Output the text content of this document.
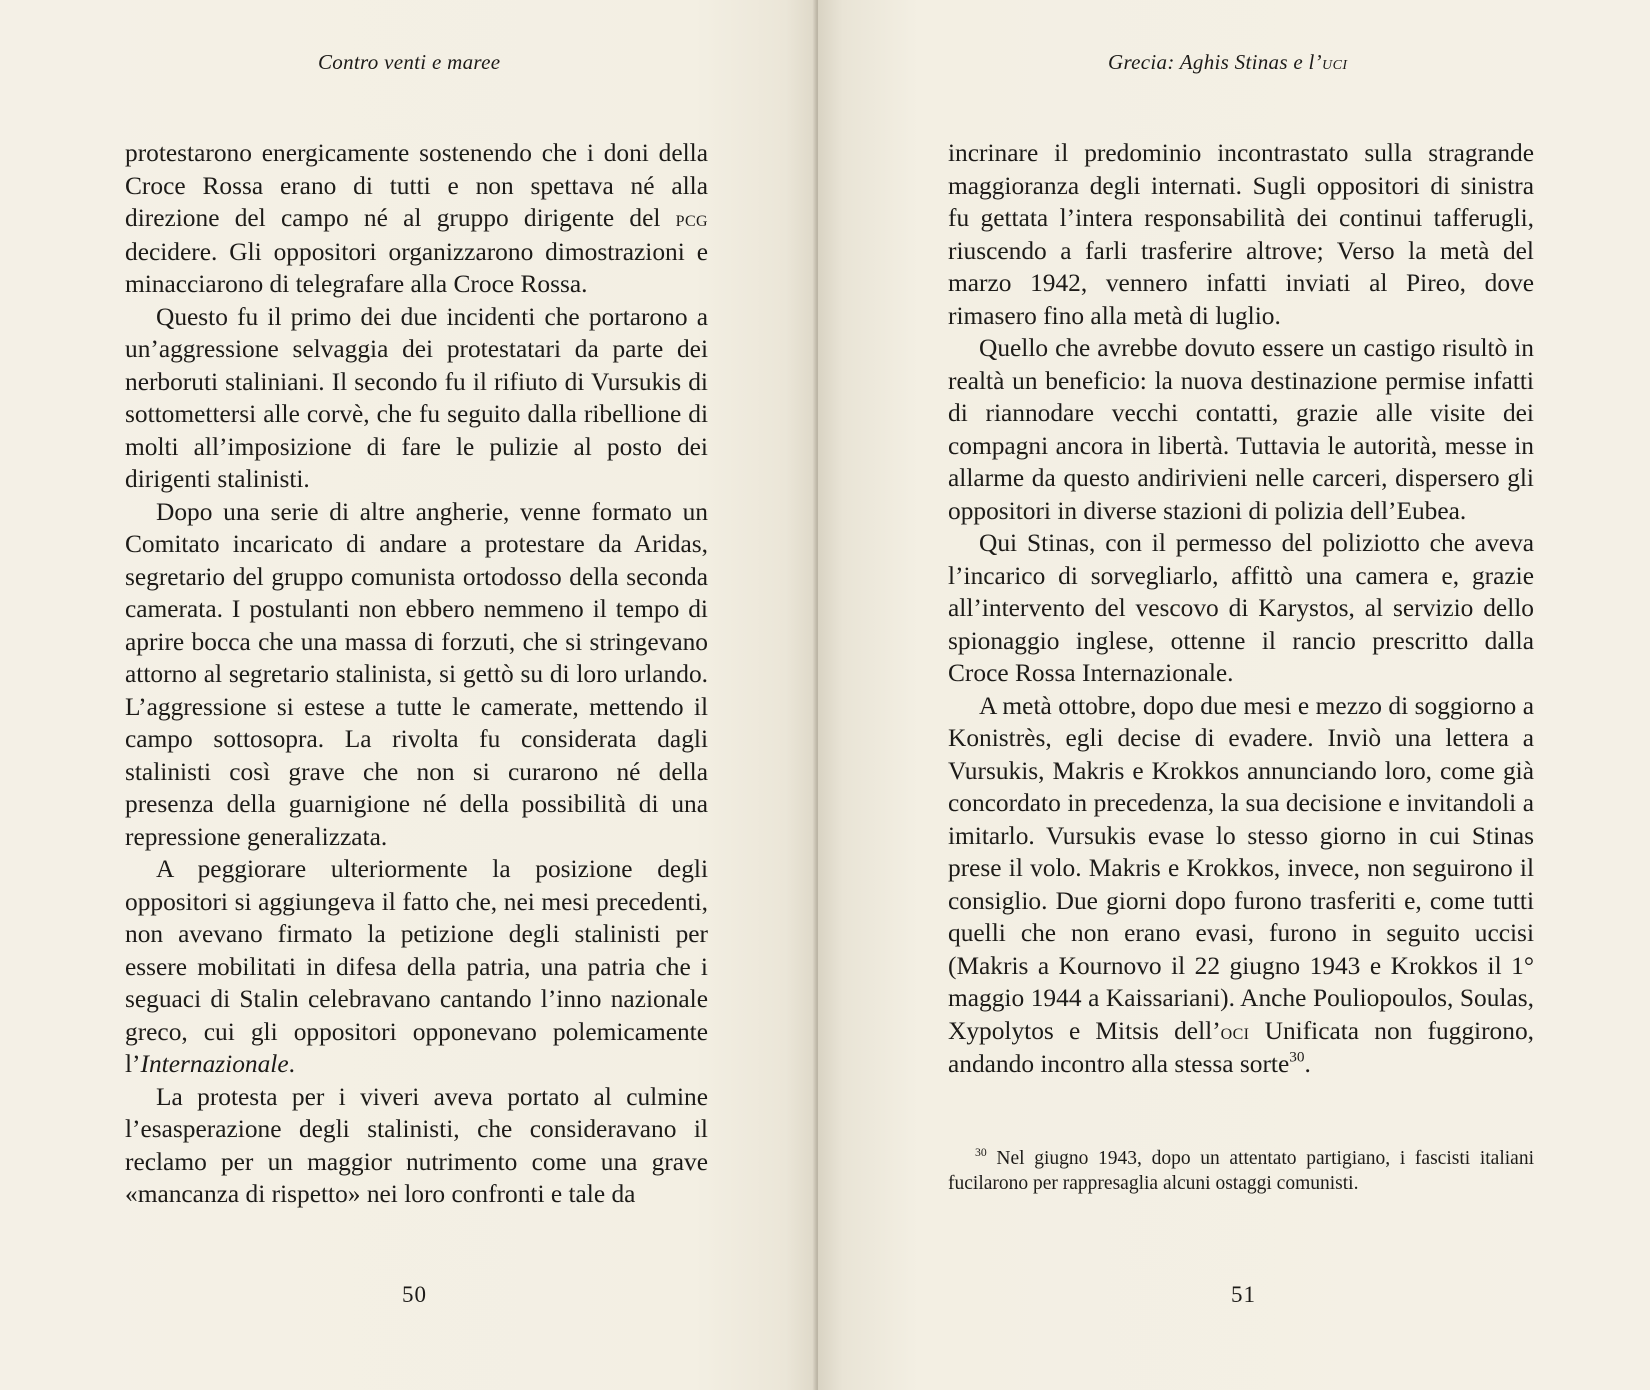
Contro venti e maree

protestarono energicamente sostenendo che i doni della Croce Rossa erano di tutti e non spettava né alla direzione del campo né al gruppo dirigente del pcg decidere. Gli oppositori organizzarono dimostrazioni e minacciarono di telegrafare alla Croce Rossa.

Questo fu il primo dei due incidenti che portarono a un’aggressione selvaggia dei protestatari da parte dei nerboruti staliniani. Il secondo fu il rifiuto di Vursukis di sottomettersi alle corvè, che fu seguito dalla ribellione di molti all’imposizione di fare le pulizie al posto dei dirigenti stalinisti.

Dopo una serie di altre angherie, venne formato un Comitato incaricato di andare a protestare da Aridas, segretario del gruppo comunista ortodosso della seconda camerata. I postulanti non ebbero nemmeno il tempo di aprire bocca che una massa di forzuti, che si stringevano attorno al segretario stalinista, si gettò su di loro urlando. L’aggressione si estese a tutte le camerate, mettendo il campo sottosopra. La rivolta fu considerata dagli stalinisti così grave che non si curarono né della presenza della guarnigione né della possibilità di una repressione generalizzata.

A peggiorare ulteriormente la posizione degli oppositori si aggiungeva il fatto che, nei mesi precedenti, non avevano firmato la petizione degli stalinisti per essere mobilitati in difesa della patria, una patria che i seguaci di Stalin celebravano cantando l’inno nazionale greco, cui gli oppositori opponevano polemicamente l’Internazionale.

La protesta per i viveri aveva portato al culmine l’esasperazione degli stalinisti, che consideravano il reclamo per un maggior nutrimento come una grave «mancanza di rispetto» nei loro confronti e tale da

50
Grecia: Aghis Stinas e l’uci

incrinare il predominio incontrastato sulla stragrande maggioranza degli internati. Sugli oppositori di sinistra fu gettata l’intera responsabilità dei continui tafferugli, riuscendo a farli trasferire altrove; Verso la metà del marzo 1942, vennero infatti inviati al Pireo, dove rimasero fino alla metà di luglio.

Quello che avrebbe dovuto essere un castigo risultò in realtà un beneficio: la nuova destinazione permise infatti di riannodare vecchi contatti, grazie alle visite dei compagni ancora in libertà. Tuttavia le autorità, messe in allarme da questo andirivieni nelle carceri, dispersero gli oppositori in diverse stazioni di polizia dell’Eubea.

Qui Stinas, con il permesso del poliziotto che aveva l’incarico di sorvegliarlo, affittò una camera e, grazie all’intervento del vescovo di Karystos, al servizio dello spionaggio inglese, ottenne il rancio prescritto dalla Croce Rossa Internazionale.

A metà ottobre, dopo due mesi e mezzo di soggiorno a Konistrès, egli decise di evadere. Inviò una lettera a Vursukis, Makris e Krokkos annunciando loro, come già concordato in precedenza, la sua decisione e invitandoli a imitarlo. Vursukis evase lo stesso giorno in cui Stinas prese il volo. Makris e Krokkos, invece, non seguirono il consiglio. Due giorni dopo furono trasferiti e, come tutti quelli che non erano evasi, furono in seguito uccisi (Makris a Kournovo il 22 giugno 1943 e Krokkos il 1° maggio 1944 a Kaissariani). Anche Pouliopoulos, Soulas, Xypolytos e Mitsis dell’oci Unificata non fuggirono, andando incontro alla stessa sorte$^{30}$.

$^{30}$ Nel giugno 1943, dopo un attentato partigiano, i fascisti italiani fucilarono per rappresaglia alcuni ostaggi comunisti.

51
